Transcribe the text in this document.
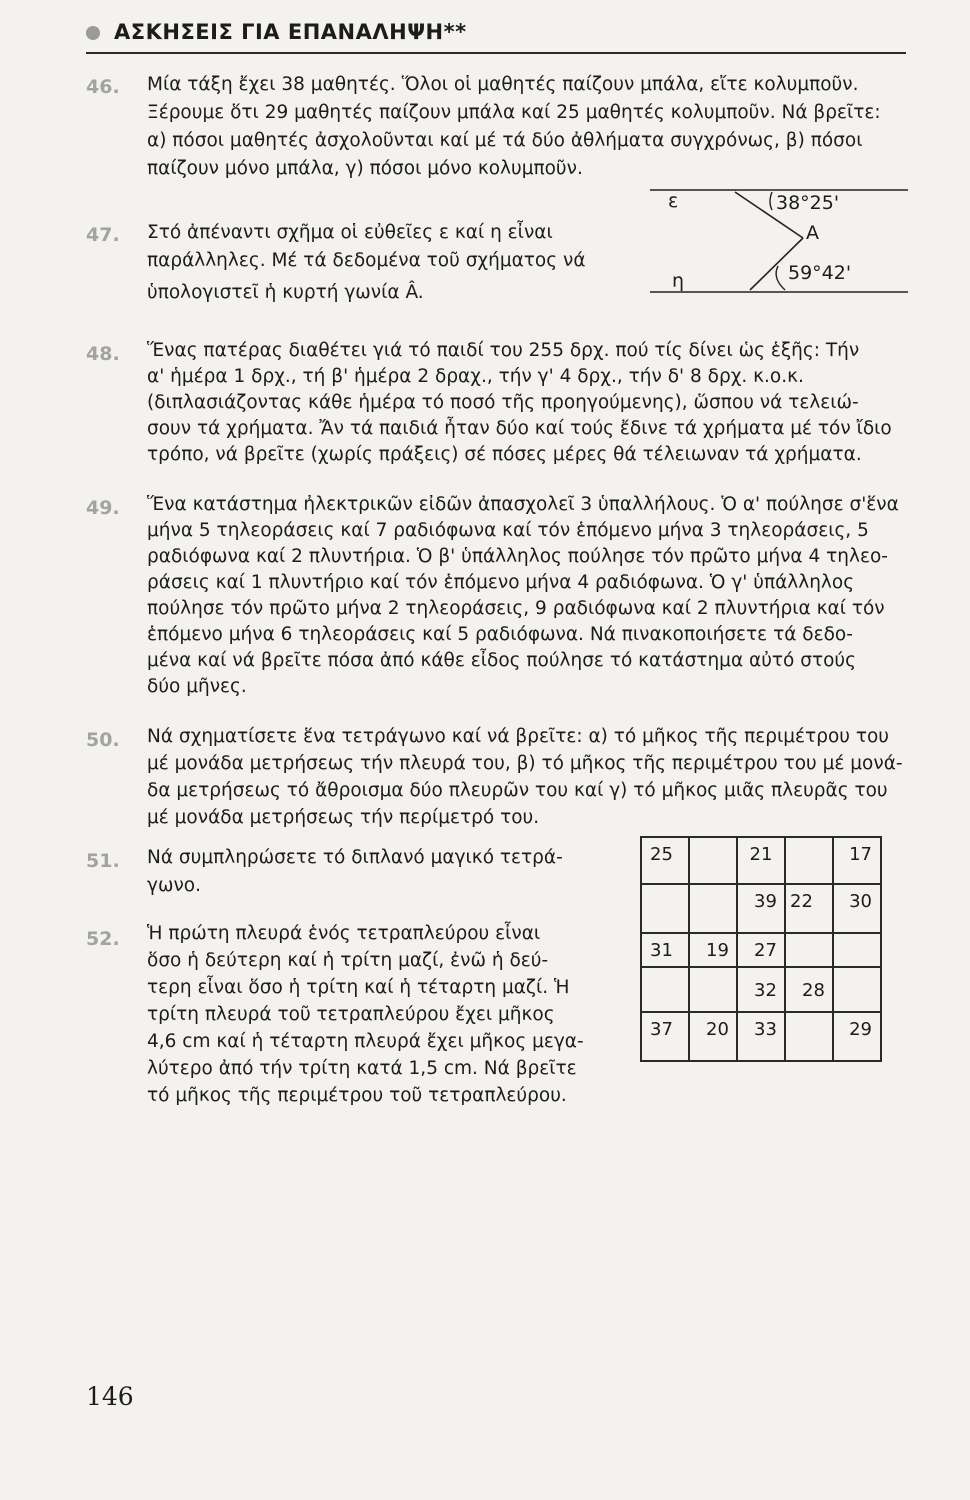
ΑΣΚΗΣΕΙΣ ΓΙΑ ΕΠΑΝΑΛΗΨΗ**
46. Μία τάξη ἔχει 38 μαθητές. Ὅλοι οἱ μαθητές παίζουν μπάλα, εἴτε κολυμποῦν.
Ξέρουμε ὅτι 29 μαθητές παίζουν μπάλα καί 25 μαθητές κολυμποῦν. Νά βρεῖτε:
α) πόσοι μαθητές ἀσχολοῦνται καί μέ τά δύο ἀθλήματα συγχρόνως, β) πόσοι
παίζουν μόνο μπάλα, γ) πόσοι μόνο κολυμποῦν.
47. Στό ἀπέναντι σχῆμα οἱ εὐθεῖες ε καί η εἶναι
παράλληλες. Μέ τά δεδομένα τοῦ σχήματος νά
ὑπολογιστεῖ ἡ κυρτή γωνία Â.
ε	38°25'
A
η	59°42'
48. Ἕνας πατέρας διαθέτει γιά τό παιδί του 255 δρχ. πού τίς δίνει ὡς ἑξῆς: Τήν
α' ἡμέρα 1 δρχ., τή β' ἡμέρα 2 δραχ., τήν γ' 4 δρχ., τήν δ' 8 δρχ. κ.ο.κ.
(διπλασιάζοντας κάθε ἡμέρα τό ποσό τῆς προηγούμενης), ὥσπου νά τελειώ-
σουν τά χρήματα. Ἄν τά παιδιά ἦταν δύο καί τούς ἔδινε τά χρήματα μέ τόν ἴδιο
τρόπο, νά βρεῖτε (χωρίς πράξεις) σέ πόσες μέρες θά τέλειωναν τά χρήματα.
49. Ἕνα κατάστημα ἠλεκτρικῶν εἰδῶν ἀπασχολεῖ 3 ὑπαλλήλους. Ὁ α' πούλησε σ'ἕνα
μήνα 5 τηλεοράσεις καί 7 ραδιόφωνα καί τόν ἑπόμενο μήνα 3 τηλεοράσεις, 5
ραδιόφωνα καί 2 πλυντήρια. Ὁ β' ὑπάλληλος πούλησε τόν πρῶτο μήνα 4 τηλεο-
ράσεις καί 1 πλυντήριο καί τόν ἑπόμενο μήνα 4 ραδιόφωνα. Ὁ γ' ὑπάλληλος
πούλησε τόν πρῶτο μήνα 2 τηλεοράσεις, 9 ραδιόφωνα καί 2 πλυντήρια καί τόν
ἑπόμενο μήνα 6 τηλεοράσεις καί 5 ραδιόφωνα. Νά πινακοποιήσετε τά δεδο-
μένα καί νά βρεῖτε πόσα ἀπό κάθε εἶδος πούλησε τό κατάστημα αὐτό στούς
δύο μῆνες.
50. Νά σχηματίσετε ἕνα τετράγωνο καί νά βρεῖτε: α) τό μῆκος τῆς περιμέτρου του
μέ μονάδα μετρήσεως τήν πλευρά του, β) τό μῆκος τῆς περιμέτρου του μέ μονά-
δα μετρήσεως τό ἄθροισμα δύο πλευρῶν του καί γ) τό μῆκος μιᾶς πλευρᾶς του
μέ μονάδα μετρήσεως τήν περίμετρό του.
51. Νά συμπληρώσετε τό διπλανό μαγικό τετρά-
γωνο.
52. Ἡ πρώτη πλευρά ἑνός τετραπλεύρου εἶναι
ὅσο ἡ δεύτερη καί ἡ τρίτη μαζί, ἐνῶ ἡ δεύ-
τερη εἶναι ὅσο ἡ τρίτη καί ἡ τέταρτη μαζί. Ἡ
τρίτη πλευρά τοῦ τετραπλεύρου ἔχει μῆκος
4,6 cm καί ἡ τέταρτη πλευρά ἔχει μῆκος μεγα-
λύτερο ἀπό τήν τρίτη κατά 1,5 cm. Νά βρεῖτε
τό μῆκος τῆς περιμέτρου τοῦ τετραπλεύρου.
25		21		17
		39	22	30
31	19	27		
		32	28	
37	20	33		29
146
